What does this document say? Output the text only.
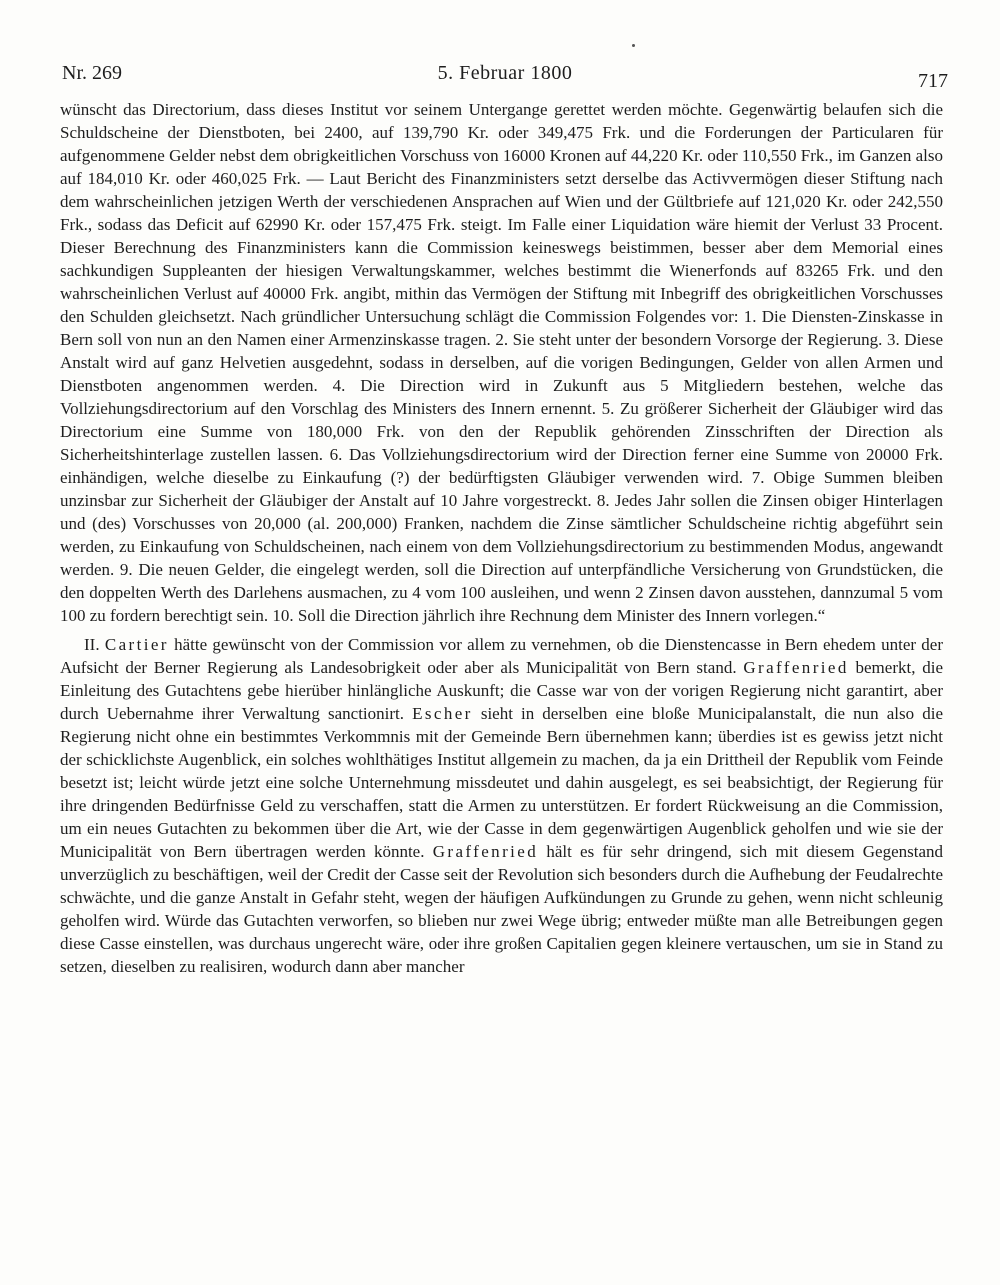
Nr. 269	5. Februar 1800	717

wünscht das Directorium, dass dieses Institut vor seinem Untergange gerettet werden möchte. Gegenwärtig belaufen sich die Schuldscheine der Dienstboten, bei 2400, auf 139,790 Kr. oder 349,475 Frk. und die Forderungen der Particularen für aufgenommene Gelder nebst dem obrigkeitlichen Vorschuss von 16000 Kronen auf 44,220 Kr. oder 110,550 Frk., im Ganzen also auf 184,010 Kr. oder 460,025 Frk. — Laut Bericht des Finanzministers setzt derselbe das Activvermögen dieser Stiftung nach dem wahrscheinlichen jetzigen Werth der verschiedenen Ansprachen auf Wien und der Gültbriefe auf 121,020 Kr. oder 242,550 Frk., sodass das Deficit auf 62990 Kr. oder 157,475 Frk. steigt. Im Falle einer Liquidation wäre hiemit der Verlust 33 Procent. Dieser Berechnung des Finanzministers kann die Commission keineswegs beistimmen, besser aber dem Memorial eines sachkundigen Suppleanten der hiesigen Verwaltungskammer, welches bestimmt die Wienerfonds auf 83265 Frk. und den wahrscheinlichen Verlust auf 40000 Frk. angibt, mithin das Vermögen der Stiftung mit Inbegriff des obrigkeitlichen Vorschusses den Schulden gleichsetzt. Nach gründlicher Untersuchung schlägt die Commission Folgendes vor: 1. Die Diensten-Zinskasse in Bern soll von nun an den Namen einer Armenzinskasse tragen. 2. Sie steht unter der besondern Vorsorge der Regierung. 3. Diese Anstalt wird auf ganz Helvetien ausgedehnt, sodass in derselben, auf die vorigen Bedingungen, Gelder von allen Armen und Dienstboten angenommen werden. 4. Die Direction wird in Zukunft aus 5 Mitgliedern bestehen, welche das Vollziehungsdirectorium auf den Vorschlag des Ministers des Innern ernennt. 5. Zu größerer Sicherheit der Gläubiger wird das Directorium eine Summe von 180,000 Frk. von den der Republik gehörenden Zinsschriften der Direction als Sicherheitshinterlage zustellen lassen. 6. Das Vollziehungsdirectorium wird der Direction ferner eine Summe von 20000 Frk. einhändigen, welche dieselbe zu Einkaufung (?) der bedürftigsten Gläubiger verwenden wird. 7. Obige Summen bleiben unzinsbar zur Sicherheit der Gläubiger der Anstalt auf 10 Jahre vorgestreckt. 8. Jedes Jahr sollen die Zinsen obiger Hinterlagen und (des) Vorschusses von 20,000 (al. 200,000) Franken, nachdem die Zinse sämtlicher Schuldscheine richtig abgeführt sein werden, zu Einkaufung von Schuldscheinen, nach einem von dem Vollziehungsdirectorium zu bestimmenden Modus, angewandt werden. 9. Die neuen Gelder, die eingelegt werden, soll die Direction auf unterpfändliche Versicherung von Grundstücken, die den doppelten Werth des Darlehens ausmachen, zu 4 vom 100 ausleihen, und wenn 2 Zinsen davon ausstehen, dannzumal 5 vom 100 zu fordern berechtigt sein. 10. Soll die Direction jährlich ihre Rechnung dem Minister des Innern vorlegen.“

II. Cartier hätte gewünscht von der Commission vor allem zu vernehmen, ob die Dienstencasse in Bern ehedem unter der Aufsicht der Berner Regierung als Landesobrigkeit oder aber als Municipalität von Bern stand. Graffenried bemerkt, die Einleitung des Gutachtens gebe hierüber hinlängliche Auskunft; die Casse war von der vorigen Regierung nicht garantirt, aber durch Uebernahme ihrer Verwaltung sanctionirt. Escher sieht in derselben eine bloße Municipalanstalt, die nun also die Regierung nicht ohne ein bestimmtes Verkommnis mit der Gemeinde Bern übernehmen kann; überdies ist es gewiss jetzt nicht der schicklichste Augenblick, ein solches wohlthätiges Institut allgemein zu machen, da ja ein Drittheil der Republik vom Feinde besetzt ist; leicht würde jetzt eine solche Unternehmung missdeutet und dahin ausgelegt, es sei beabsichtigt, der Regierung für ihre dringenden Bedürfnisse Geld zu verschaffen, statt die Armen zu unterstützen. Er fordert Rückweisung an die Commission, um ein neues Gutachten zu bekommen über die Art, wie der Casse in dem gegenwärtigen Augenblick geholfen und wie sie der Municipalität von Bern übertragen werden könnte. Graffenried hält es für sehr dringend, sich mit diesem Gegenstand unverzüglich zu beschäftigen, weil der Credit der Casse seit der Revolution sich besonders durch die Aufhebung der Feudalrechte schwächte, und die ganze Anstalt in Gefahr steht, wegen der häufigen Aufkündungen zu Grunde zu gehen, wenn nicht schleunig geholfen wird. Würde das Gutachten verworfen, so blieben nur zwei Wege übrig; entweder müßte man alle Betreibungen gegen diese Casse einstellen, was durchaus ungerecht wäre, oder ihre großen Capitalien gegen kleinere vertauschen, um sie in Stand zu setzen, dieselben zu realisiren, wodurch dann aber mancher
